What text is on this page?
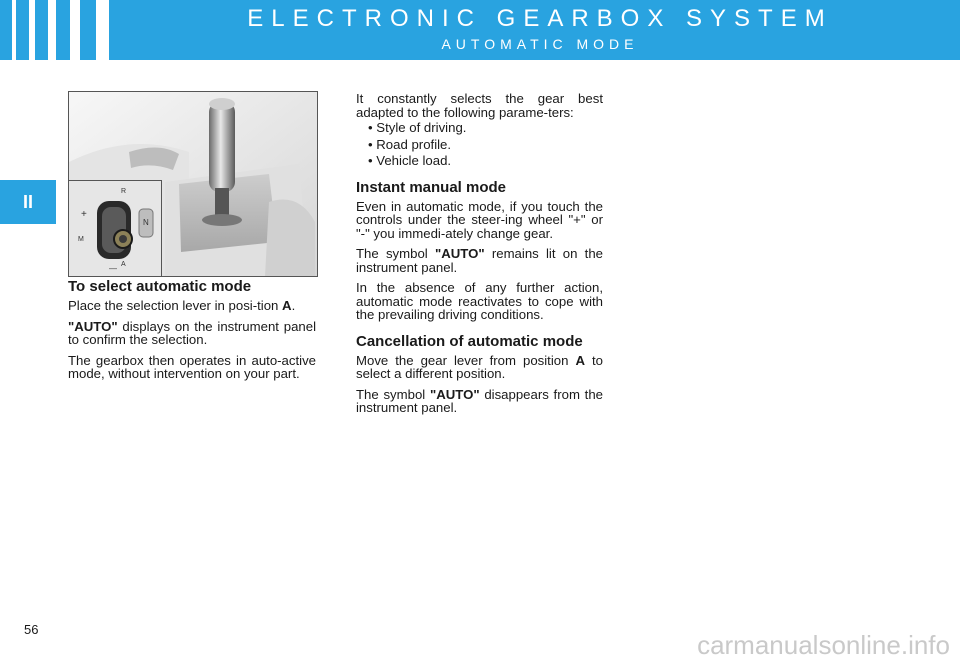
ELECTRONIC GEARBOX SYSTEM
AUTOMATIC MODE
II
+
M
—
R
N
A
To select automatic mode

Place the selection lever in posi-tion A.

"AUTO" displays on the instrument panel to confirm the selection.

The gearbox then operates in auto-active mode, without intervention on your part.

It constantly selects the gear best adapted to the following parame-ters:

• Style of driving.
• Road profile.
• Vehicle load.
Instant manual mode

Even in automatic mode, if you touch the controls under the steer-ing wheel "+" or "-" you immedi-ately change gear.

The symbol "AUTO" remains lit on the instrument panel.

In the absence of any further action, automatic mode reactivates to cope with the prevailing driving conditions.

Cancellation of automatic mode

Move the gear lever from position A to select a different position.

The symbol "AUTO" disappears from the instrument panel.

56
carmanualsonline.info
